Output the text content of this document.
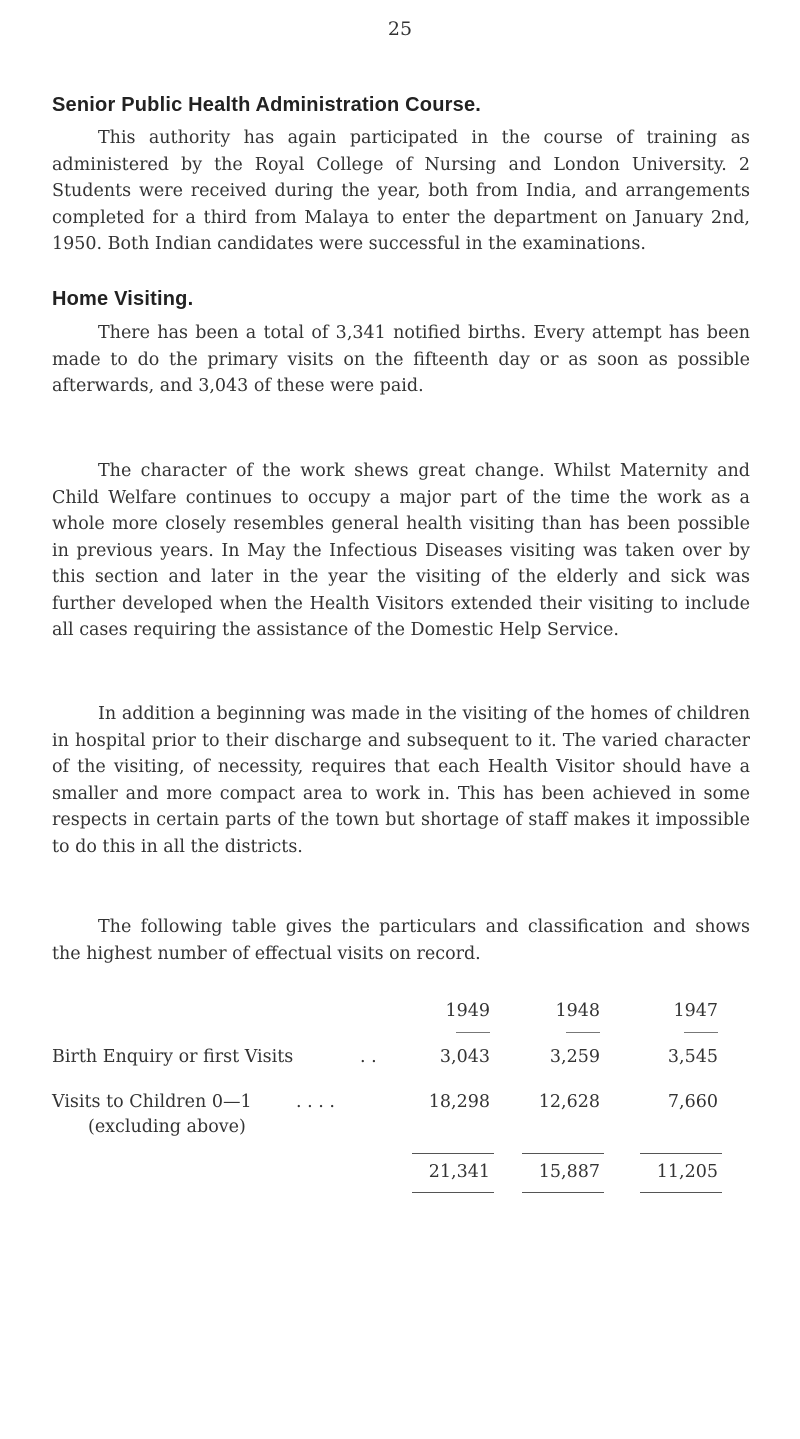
25
Senior Public Health Administration Course.

This authority has again participated in the course of training as administered by the Royal College of Nursing and London University. 2 Students were received during the year, both from India, and arrangements completed for a third from Malaya to enter the department on January 2nd, 1950. Both Indian candidates were successful in the examinations.

Home Visiting.

There has been a total of 3,341 notified births. Every attempt has been made to do the primary visits on the fifteenth day or as soon as possible afterwards, and 3,043 of these were paid.

The character of the work shews great change. Whilst Maternity and Child Welfare continues to occupy a major part of the time the work as a whole more closely resembles general health visiting than has been possible in previous years. In May the Infectious Diseases visiting was taken over by this section and later in the year the visiting of the elderly and sick was further developed when the Health Visitors extended their visiting to include all cases requiring the assistance of the Domestic Help Service.

In addition a beginning was made in the visiting of the homes of children in hospital prior to their discharge and subsequent to it. The varied character of the visiting, of necessity, requires that each Health Visitor should have a smaller and more compact area to work in. This has been achieved in some respects in certain parts of the town but shortage of staff makes it impossible to do this in all the districts.

The following table gives the particulars and classification and shows the highest number of effectual visits on record.

1949	1948	1947
Birth Enquiry or first Visits	. .	3,043	3,259	3,545
Visits to Children 0—1
(excluding above)
. . . .	18,298	12,628	7,660
21,341	15,887	11,205
